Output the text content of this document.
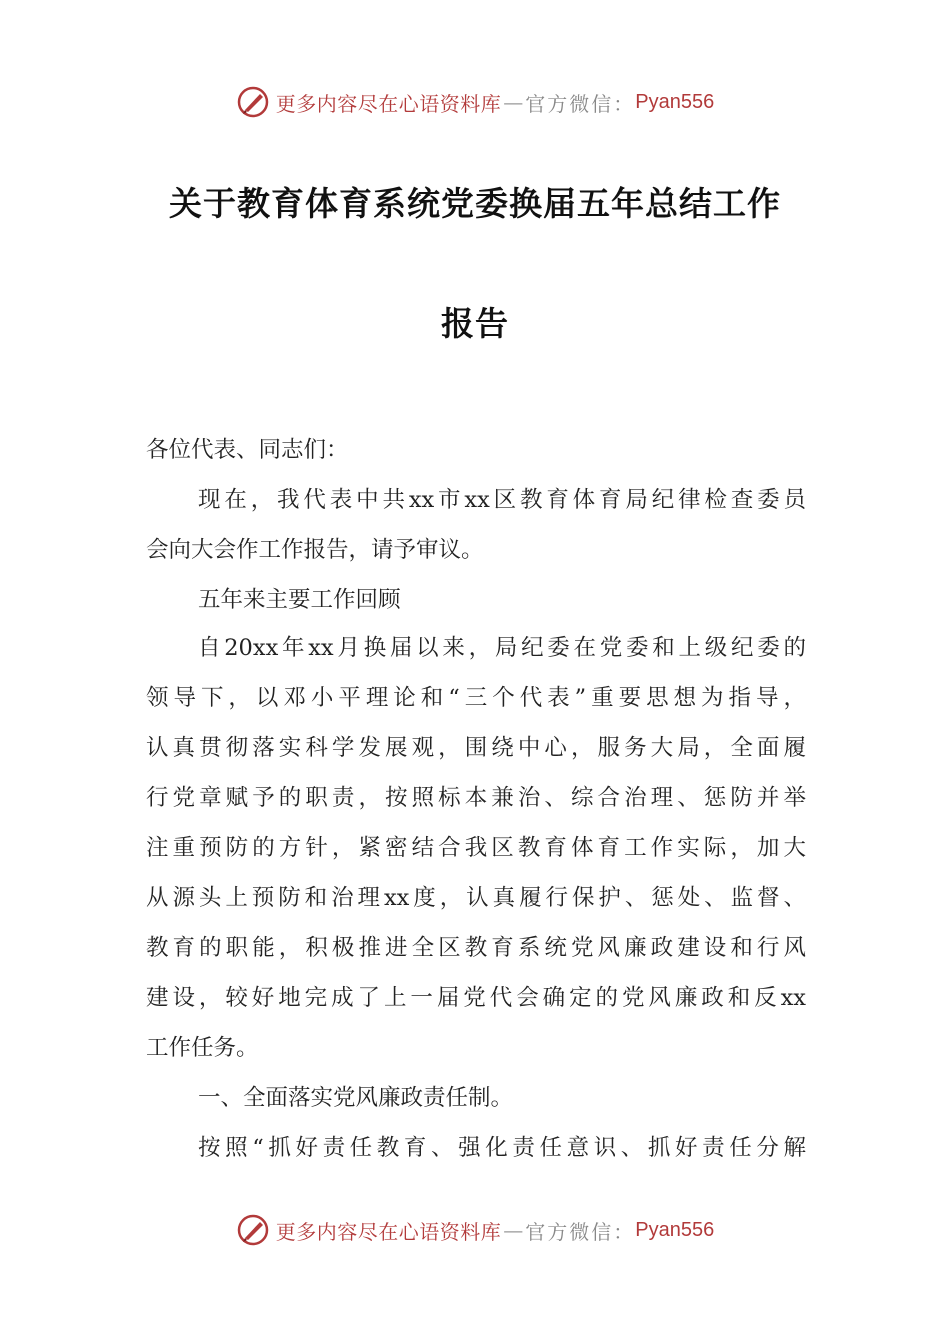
更多内容尽在心语资料库 — 官方微信： Pyan556
关于教育体育系统党委换届五年总结工作
报告
各位代表、同志们：
现在，我代表中共xx市xx区教育体育局纪律检查委员
会向大会作工作报告，请予审议。
五年来主要工作回顾
自20xx年xx月换届以来，局纪委在党委和上级纪委的
领导下，以邓小平理论和“三个代表”重要思想为指导，
认真贯彻落实科学发展观，围绕中心，服务大局，全面履
行党章赋予的职责，按照标本兼治、综合治理、惩防并举
注重预防的方针，紧密结合我区教育体育工作实际，加大
从源头上预防和治理xx度，认真履行保护、惩处、监督、
教育的职能，积极推进全区教育系统党风廉政建设和行风
建设，较好地完成了上一届党代会确定的党风廉政和反xx
工作任务。
一、全面落实党风廉政责任制。
按照“抓好责任教育、强化责任意识、抓好责任分解
更多内容尽在心语资料库 — 官方微信： Pyan556
